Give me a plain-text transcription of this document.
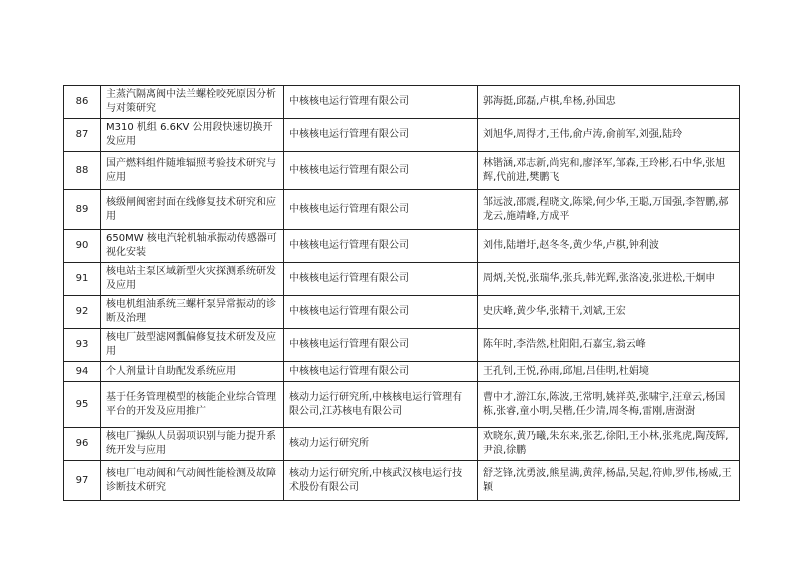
86	主蒸汽隔离阀中法兰螺栓咬死原因分析与对策研究	中核核电运行管理有限公司	郭海挺,邱磊,卢棋,牟杨,孙国忠
87	M310 机组 6.6KV 公用段快速切换开发应用	中核核电运行管理有限公司	刘旭华,周得才,王伟,俞卢涛,俞前军,刘强,陆玲
88	国产燃料组件随堆辐照考验技术研究与应用	中核核电运行管理有限公司	林锴涵,邓志新,尚宪和,廖泽军,邹森,王玲彬,石中华,张旭辉,代前进,樊鹏飞
89	核级闸阀密封面在线修复技术研究和应用	中核核电运行管理有限公司	邹远波,邵震,程晓文,陈梁,何少华,王聪,万国强,李智鹏,郝龙云,施靖峰,方成平
90	650MW 核电汽轮机轴承振动传感器可视化安装	中核核电运行管理有限公司	刘伟,陆增圩,赵冬冬,黄少华,卢棋,钟利波
91	核电站主泵区域新型火灾探测系统研发及应用	中核核电运行管理有限公司	周炳,关悦,张瑞华,张兵,韩光辉,张洛凌,张进松,干炯申
92	核电机组油系统三螺杆泵异常振动的诊断及治理	中核核电运行管理有限公司	史庆峰,黄少华,张精干,刘斌,王宏
93	核电厂鼓型滤网瓢偏修复技术研发及应用	中核核电运行管理有限公司	陈年时,李浩然,杜阳阳,石嘉宝,翁云峰
94	个人剂量计自助配发系统应用	中核核电运行管理有限公司	王孔钊,王悦,孙雨,邱旭,吕佳明,杜娟境
95	基于任务管理模型的核能企业综合管理平台的开发及应用推广	核动力运行研究所,中核核电运行管理有限公司,江苏核电有限公司	曹中才,游江东,陈波,王常明,姚祥英,张啸宇,汪章云,杨国栋,张睿,童小明,吴楷,任少清,周冬梅,雷刚,唐澍澍
96	核电厂操纵人员弱项识别与能力提升系统开发与应用	核动力运行研究所	欢晓东,黄乃曦,朱东来,张艺,徐阳,王小林,张兆虎,陶茂辉,尹浪,徐鹏
97	核电厂电动阀和气动阀性能检测及故障诊断技术研究	核动力运行研究所,中核武汉核电运行技术股份有限公司	舒芝锋,沈勇波,熊星满,黄萍,杨晶,吴起,符帅,罗伟,杨威,王颖
